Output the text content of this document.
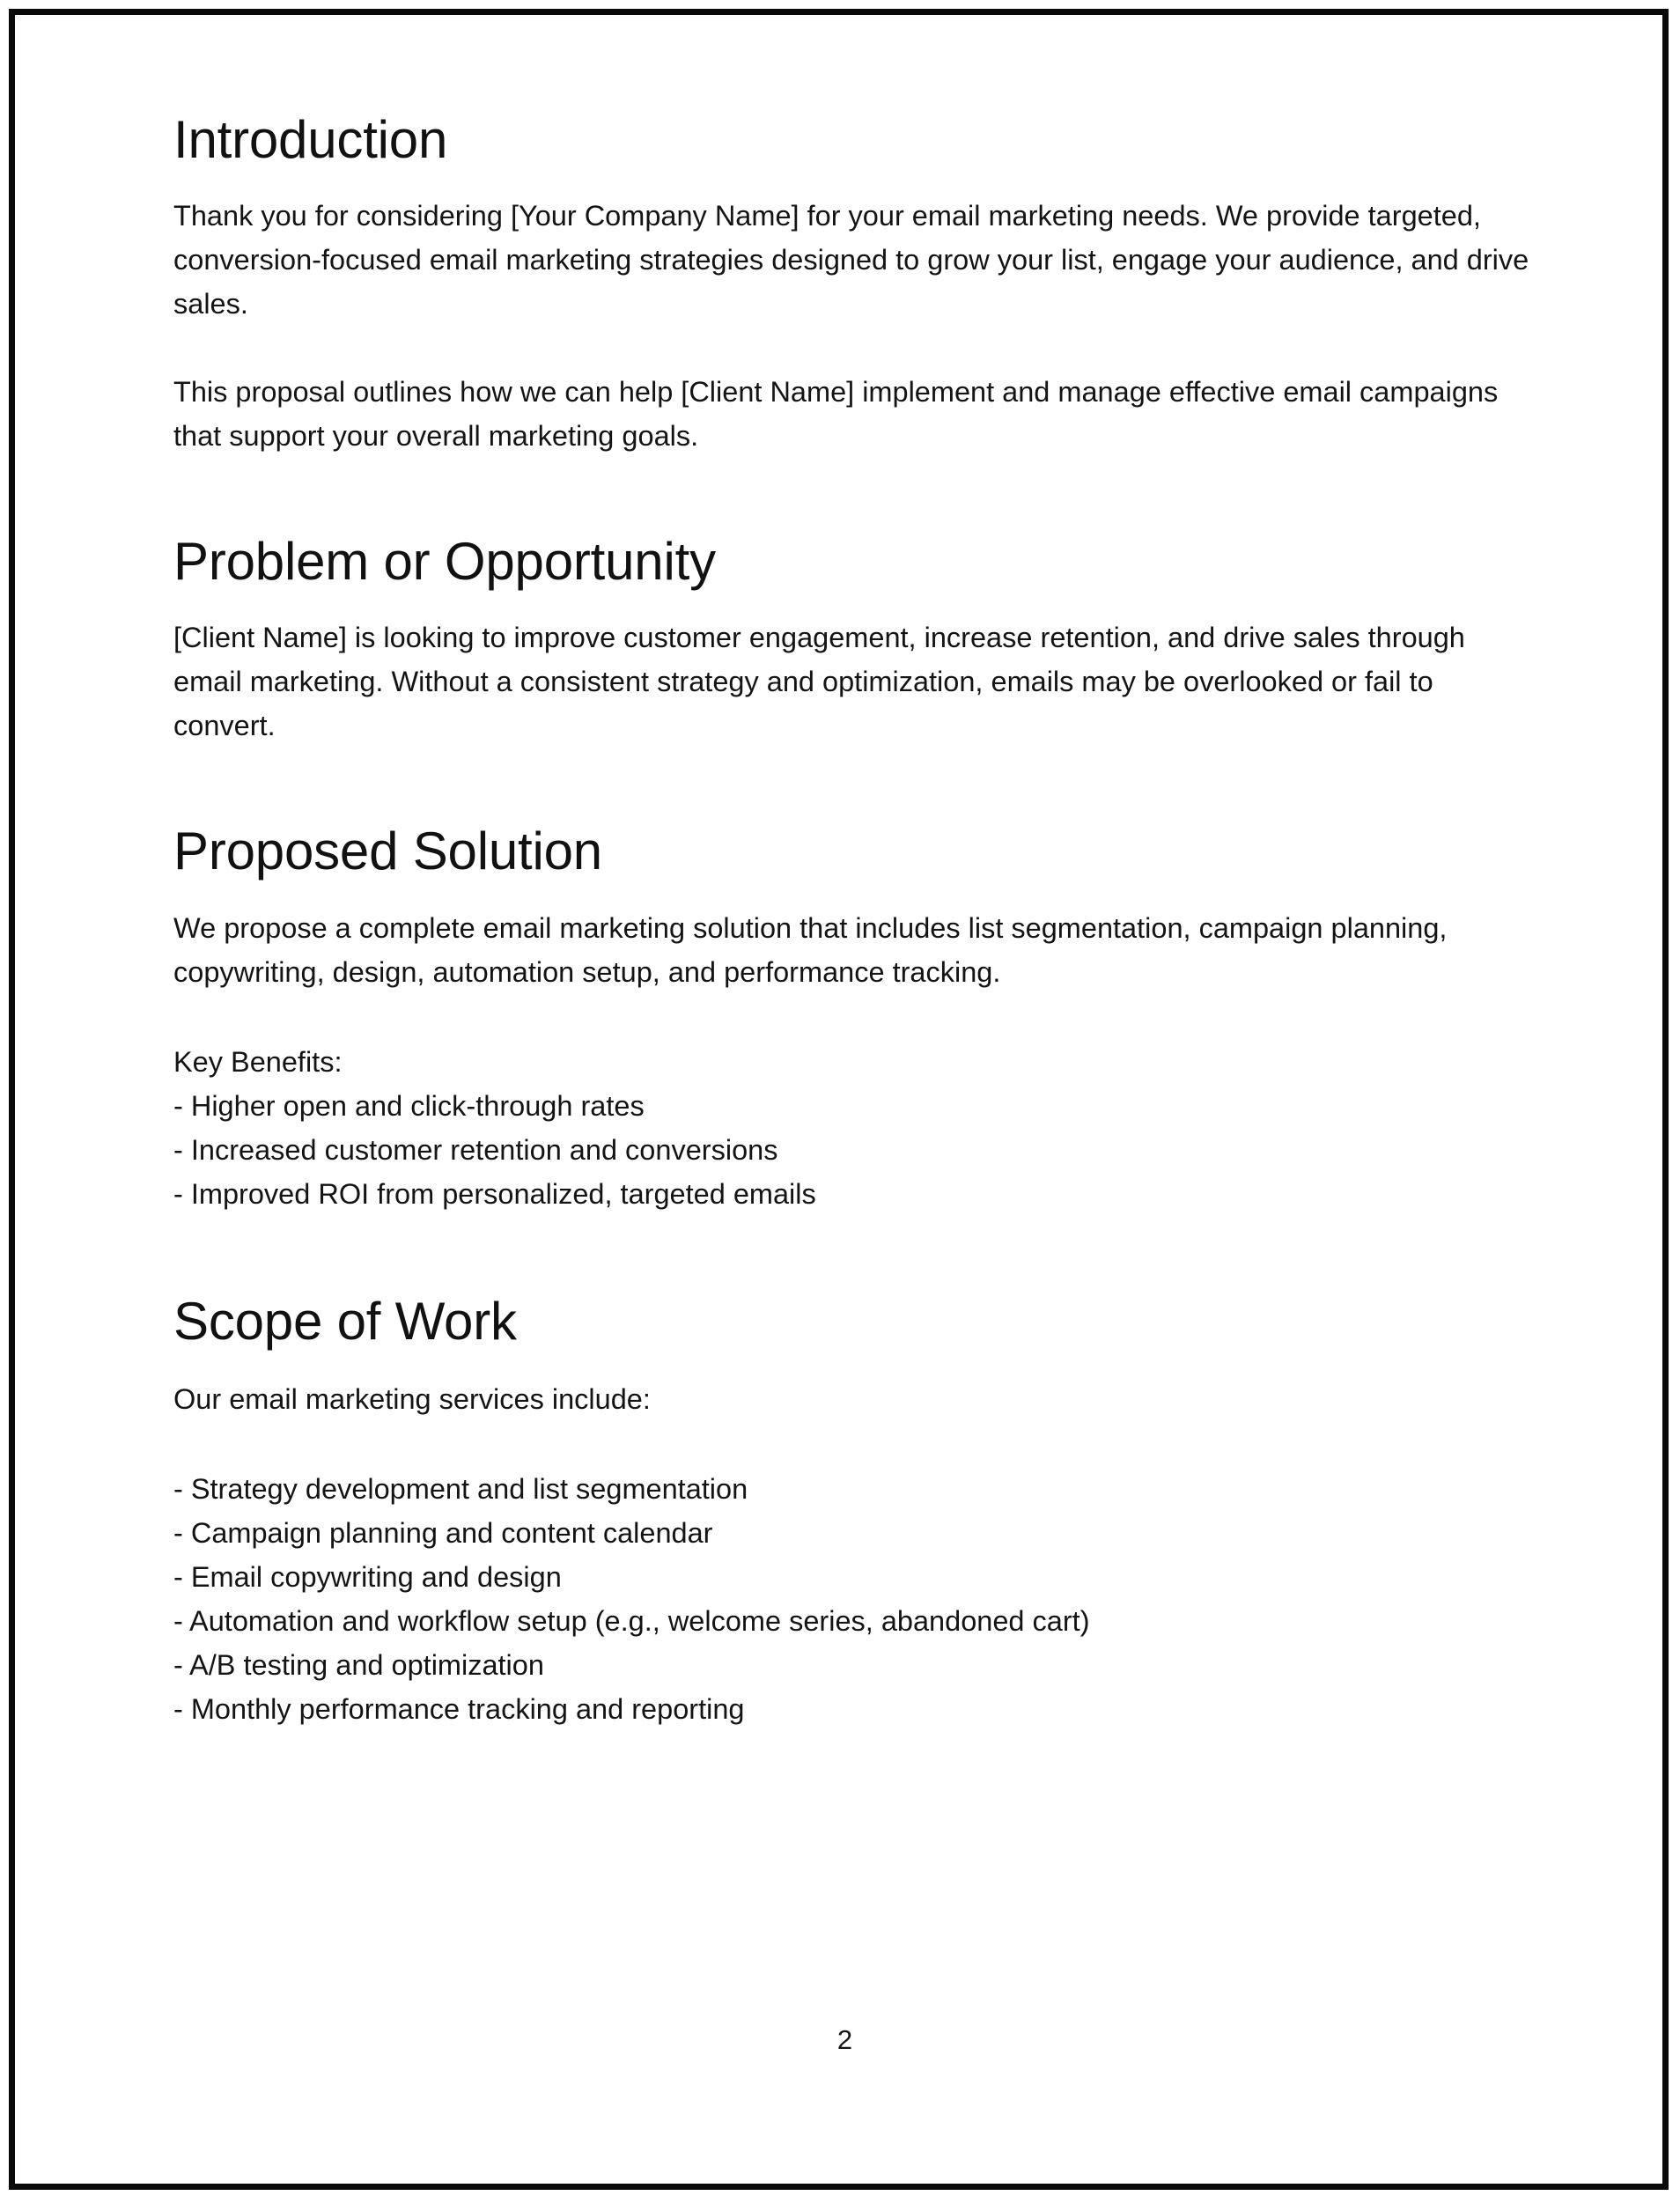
Introduction

Thank you for considering [Your Company Name] for your email marketing needs. We provide targeted, conversion-focused email marketing strategies designed to grow your list, engage your audience, and drive sales.

This proposal outlines how we can help [Client Name] implement and manage effective email campaigns that support your overall marketing goals.

Problem or Opportunity

[Client Name] is looking to improve customer engagement, increase retention, and drive sales through email marketing. Without a consistent strategy and optimization, emails may be overlooked or fail to convert.

Proposed Solution

We propose a complete email marketing solution that includes list segmentation, campaign planning, copywriting, design, automation setup, and performance tracking.

Key Benefits:

- Higher open and click-through rates
- Increased customer retention and conversions
- Improved ROI from personalized, targeted emails
Scope of Work

Our email marketing services include:

- Strategy development and list segmentation
- Campaign planning and content calendar
- Email copywriting and design
- Automation and workflow setup (e.g., welcome series, abandoned cart)
- A/B testing and optimization
- Monthly performance tracking and reporting
2
